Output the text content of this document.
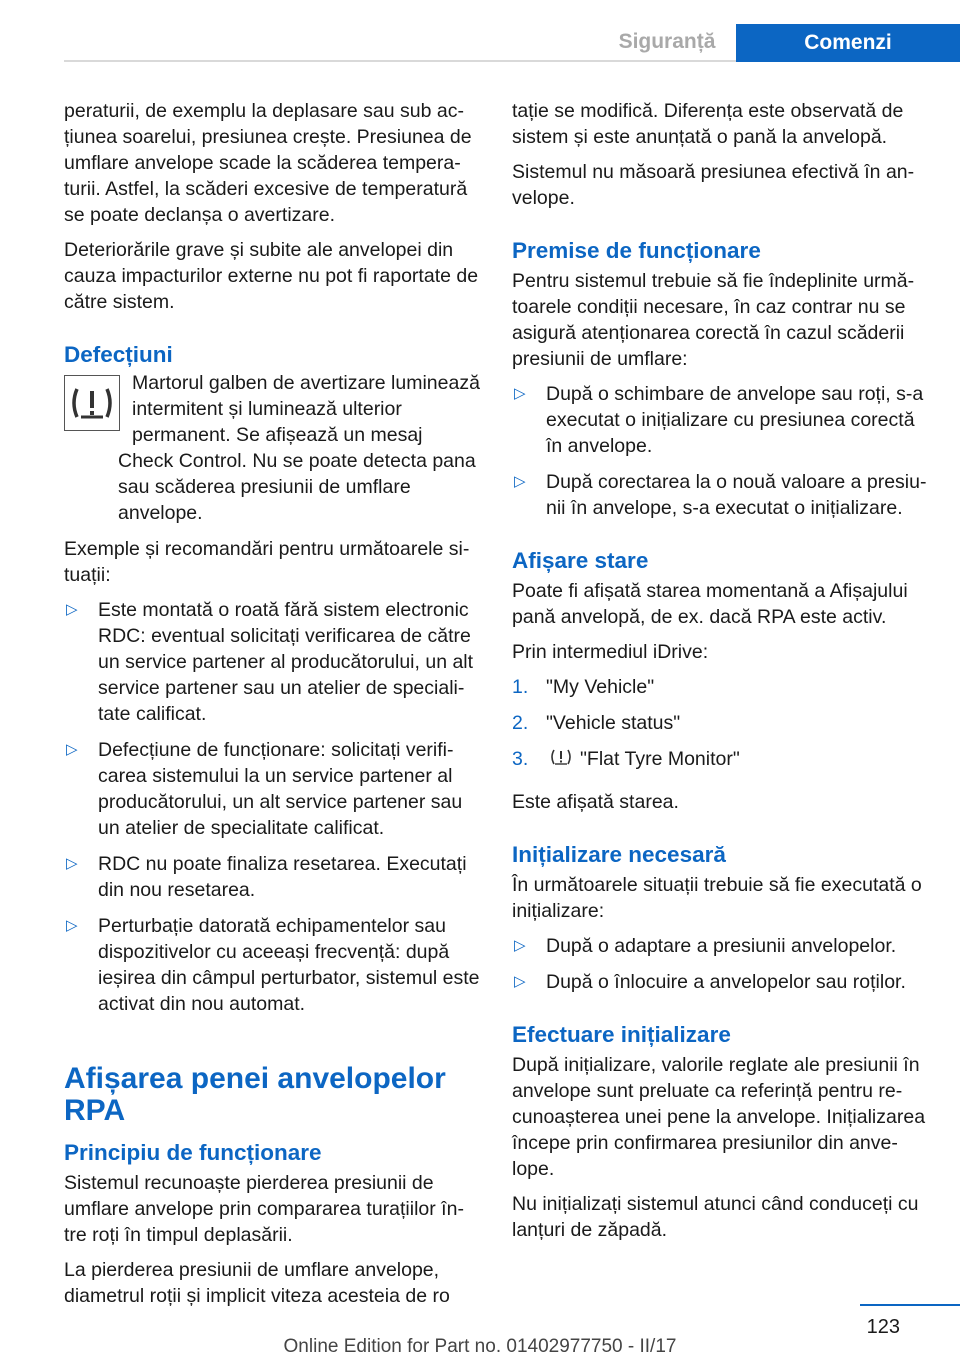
Siguranță	Comenzi

peraturii, de exemplu la deplasare sau sub acțiunea soarelui, presiunea crește. Presiunea de umflare anvelope scade la scăderea temperaturii. Astfel, la scăderi excesive de temperatură se poate declanșa o avertizare.

Deteriorările grave și subite ale anvelopei din cauza impacturilor externe nu pot fi raportate de către sistem.

Defecțiuni

Martorul galben de avertizare luminează intermitent și luminează ulterior permanent. Se afișează un mesaj Check Control. Nu se poate detecta pana sau scăderea presiunii de umflare anvelope.

Exemple și recomandări pentru următoarele situații:

▷ Este montată o roată fără sistem electronic RDC: eventual solicitați verificarea de către un service partener al producătorului, un alt service partener sau un atelier de specialitate calificat.
▷ Defecțiune de funcționare: solicitați verificarea sistemului la un service partener al producătorului, un alt service partener sau un atelier de specialitate calificat.
▷ RDC nu poate finaliza resetarea. Executați din nou resetarea.
▷ Perturbație datorată echipamentelor sau dispozitivelor cu aceeași frecvență: după ieșirea din câmpul perturbator, sistemul este activat din nou automat.
Afișarea penei anvelopelor RPA
Principiu de funcționare

Sistemul recunoaște pierderea presiunii de umflare anvelope prin compararea turațiilor între roți în timpul deplasării.

La pierderea presiunii de umflare anvelope, diametrul roții și implicit viteza acesteia de ro

tație se modifică. Diferența este observată de sistem și este anunțată o pană la anvelopă.

Sistemul nu măsoară presiunea efectivă în anvelope.

Premise de funcționare

Pentru sistemul trebuie să fie îndeplinite următoarele condiții necesare, în caz contrar nu se asigură atenționarea corectă în cazul scăderii presiunii de umflare:

▷ După o schimbare de anvelope sau roți, s-a executat o inițializare cu presiunea corectă în anvelope.
▷ După corectarea la o nouă valoare a presiunii în anvelope, s-a executat o inițializare.
Afișare stare

Poate fi afișată starea momentană a Afișajului pană anvelopă, de ex. dacă RPA este activ.

Prin intermediul iDrive:

1. "My Vehicle"
2. "Vehicle status"
3.	"Flat Tyre Monitor"

Este afișată starea.

Inițializare necesară

În următoarele situații trebuie să fie executată o inițializare:

▷ După o adaptare a presiunii anvelopelor.
▷ După o înlocuire a anvelopelor sau roților.
Efectuare inițializare

După inițializare, valorile reglate ale presiunii în anvelope sunt preluate ca referință pentru recunoașterea unei pene la anvelope. Inițializarea începe prin confirmarea presiunilor din anvelope.

Nu inițializați sistemul atunci când conduceți cu lanțuri de zăpadă.

123
Online Edition for Part no. 01402977750 - II/17
